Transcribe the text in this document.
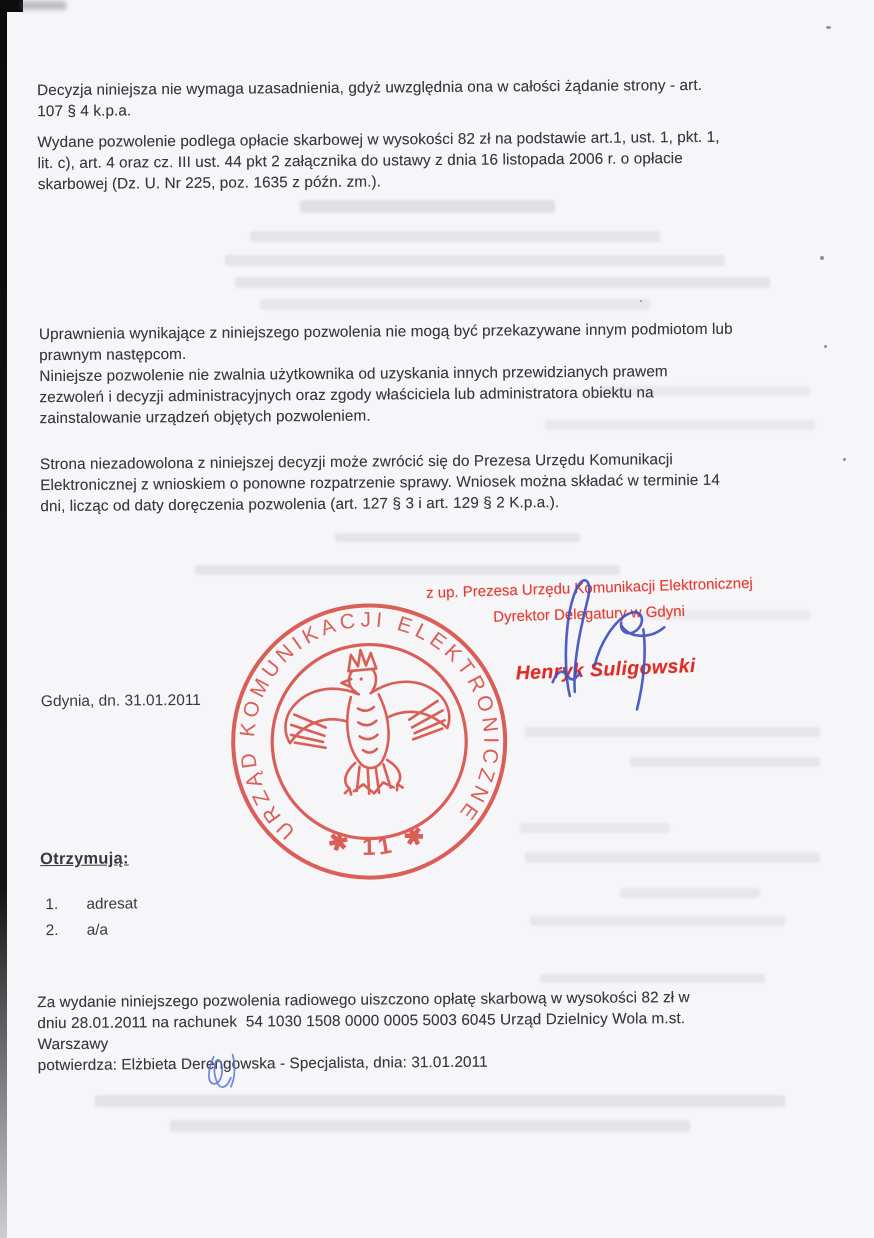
Decyzja niniejsza nie wymaga uzasadnienia, gdyż uwzględnia ona w całości żądanie strony - art.
107 § 4 k.p.a.
Wydane pozwolenie podlega opłacie skarbowej w wysokości 82 zł na podstawie art.1, ust. 1, pkt. 1,
lit. c), art. 4 oraz cz. III ust. 44 pkt 2 załącznika do ustawy z dnia 16 listopada 2006 r. o opłacie
skarbowej (Dz. U. Nr 225, poz. 1635 z późn. zm.).
Uprawnienia wynikające z niniejszego pozwolenia nie mogą być przekazywane innym podmiotom lub
prawnym następcom.
Niniejsze pozwolenie nie zwalnia użytkownika od uzyskania innych przewidzianych prawem
zezwoleń i decyzji administracyjnych oraz zgody właściciela lub administratora obiektu na
zainstalowanie urządzeń objętych pozwoleniem.
Strona niezadowolona z niniejszej decyzji może zwrócić się do Prezesa Urzędu Komunikacji
Elektronicznej z wnioskiem o ponowne rozpatrzenie sprawy. Wniosek można składać w terminie 14
dni, licząc od daty doręczenia pozwolenia (art. 127 § 3 i art. 129 § 2 K.p.a.).
z up. Prezesa Urzędu Komunikacji Elektronicznej
Dyrektor Delegatury w Gdyni
Henryk Suligowski
URZĄD KOMUNIKACJI ELEKTRONICZNEJ
✱ 11 ✱
Gdynia, dn. 31.01.2011
Otrzymują:
1. adresat
2. a/a
Za wydanie niniejszego pozwolenia radiowego uiszczono opłatę skarbową w wysokości 82 zł w
dniu 28.01.2011 na rachunek  54 1030 1508 0000 0005 5003 6045 Urząd Dzielnicy Wola m.st.
Warszawy
potwierdza: Elżbieta Derengowska - Specjalista, dnia: 31.01.2011
